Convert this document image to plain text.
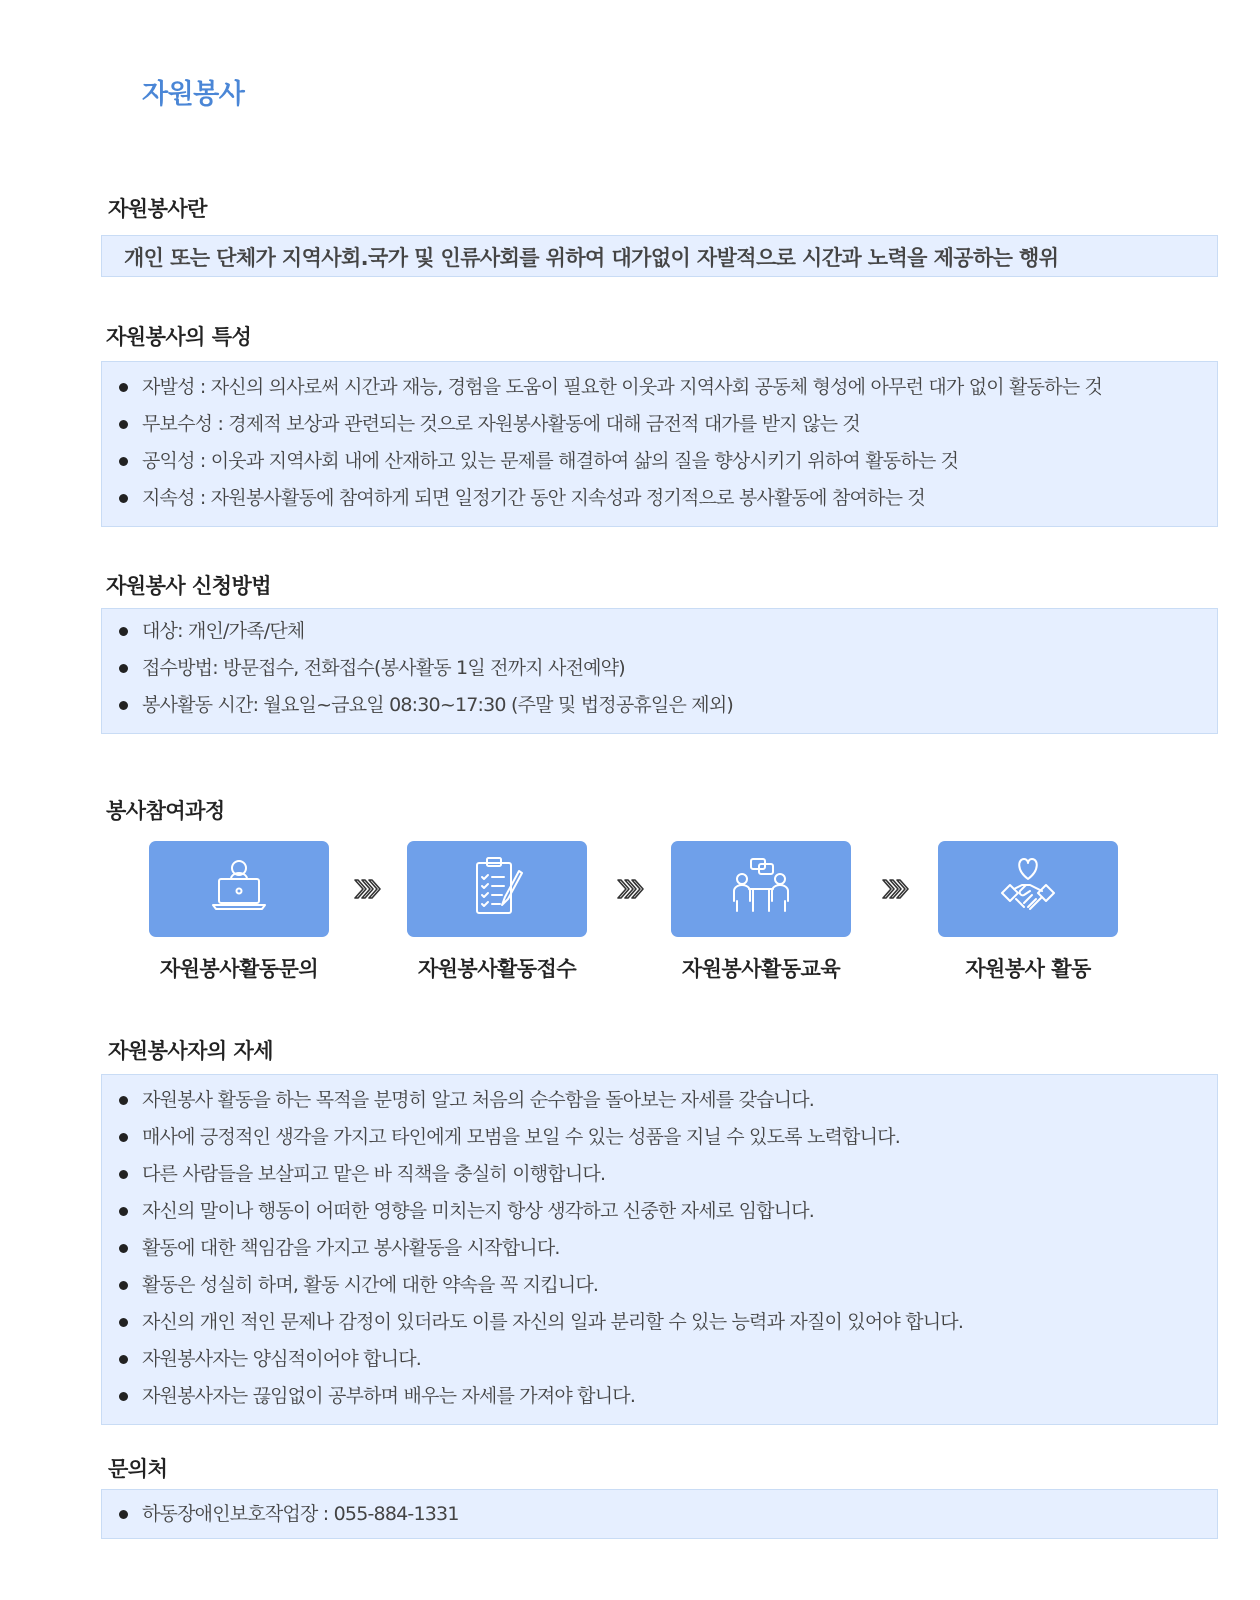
자원봉사
자원봉사란
개인 또는 단체가 지역사회.국가 및 인류사회를 위하여 대가없이 자발적으로 시간과 노력을 제공하는 행위
자원봉사의 특성
자발성 : 자신의 의사로써 시간과 재능, 경험을 도움이 필요한 이웃과 지역사회 공동체 형성에 아무런 대가 없이 활동하는 것
무보수성 : 경제적 보상과 관련되는 것으로 자원봉사활동에 대해 금전적 대가를 받지 않는 것
공익성 : 이웃과 지역사회 내에 산재하고 있는 문제를 해결하여 삶의 질을 향상시키기 위하여 활동하는 것
지속성 : 자원봉사활동에 참여하게 되면 일정기간 동안 지속성과 정기적으로 봉사활동에 참여하는 것
자원봉사 신청방법
대상: 개인/가족/단체
접수방법: 방문접수, 전화접수(봉사활동 1일 전까지 사전예약)
봉사활동 시간: 월요일~금요일 08:30~17:30 (주말 및 법정공휴일은 제외)
봉사참여과정
자원봉사활동문의	자원봉사활동접수	자원봉사활동교육	자원봉사 활동
자원봉사자의 자세
자원봉사 활동을 하는 목적을 분명히 알고 처음의 순수함을 돌아보는 자세를 갖습니다.
매사에 긍정적인 생각을 가지고 타인에게 모범을 보일 수 있는 성품을 지닐 수 있도록 노력합니다.
다른 사람들을 보살피고 맡은 바 직책을 충실히 이행합니다.
자신의 말이나 행동이 어떠한 영향을 미치는지 항상 생각하고 신중한 자세로 임합니다.
활동에 대한 책임감을 가지고 봉사활동을 시작합니다.
활동은 성실히 하며, 활동 시간에 대한 약속을 꼭 지킵니다.
자신의 개인 적인 문제나 감정이 있더라도 이를 자신의 일과 분리할 수 있는 능력과 자질이 있어야 합니다.
자원봉사자는 양심적이어야 합니다.
자원봉사자는 끊임없이 공부하며 배우는 자세를 가져야 합니다.
문의처
하동장애인보호작업장 : 055-884-1331
